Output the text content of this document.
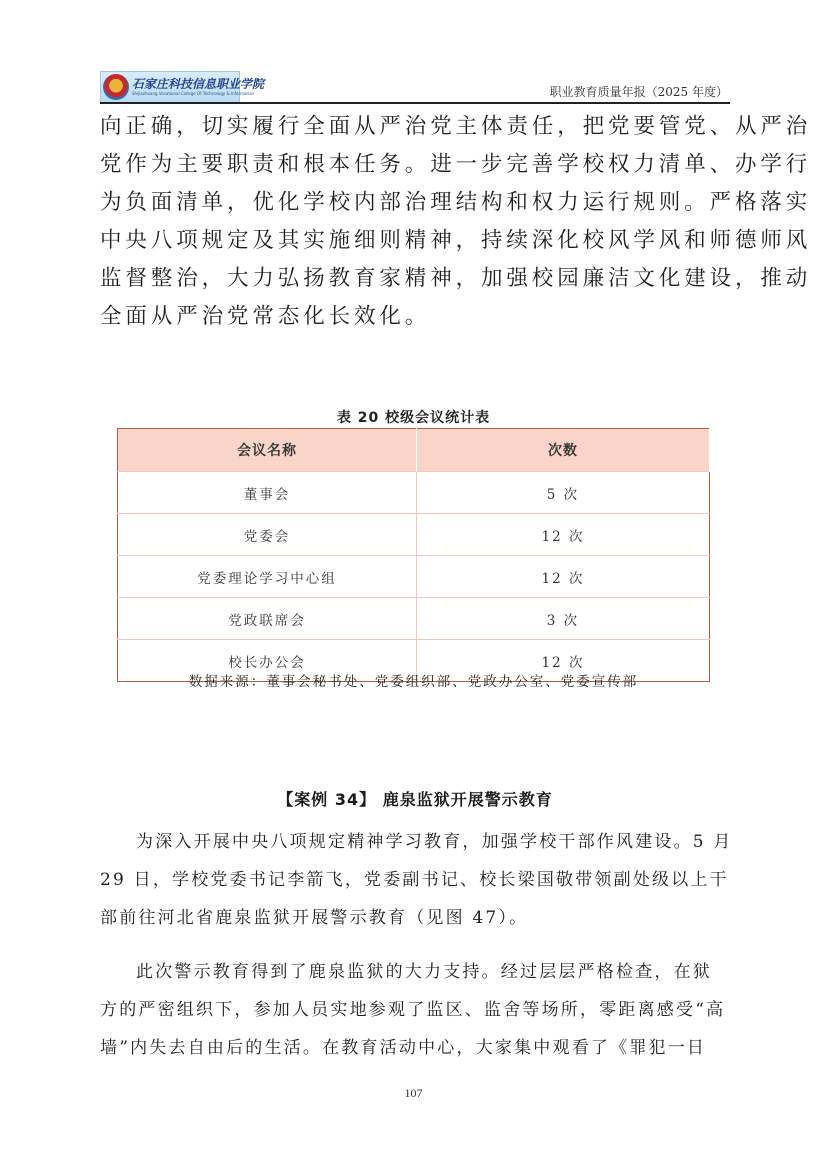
石家庄科技信息职业学院
Shijiazhuang Vocational College Of Technology & Information	职业教育质量年报（2025 年度）
向正确，切实履行全面从严治党主体责任，把党要管党、从严治
党作为主要职责和根本任务。进一步完善学校权力清单、办学行
为负面清单，优化学校内部治理结构和权力运行规则。严格落实
中央八项规定及其实施细则精神，持续深化校风学风和师德师风
监督整治，大力弘扬教育家精神，加强校园廉洁文化建设，推动
全面从严治党常态化长效化。
表 20 校级会议统计表
会议名称	次数
董事会	5 次
党委会	12 次
党委理论学习中心组	12 次
党政联席会	3 次
校长办公会	12 次
数据来源：董事会秘书处、党委组织部、党政办公室、党委宣传部
【案例 34】 鹿泉监狱开展警示教育
为深入开展中央八项规定精神学习教育，加强学校干部作风建设。5 月
29 日，学校党委书记李箭飞，党委副书记、校长梁国敬带领副处级以上干
部前往河北省鹿泉监狱开展警示教育（见图 47）。
此次警示教育得到了鹿泉监狱的大力支持。经过层层严格检查，在狱
方的严密组织下，参加人员实地参观了监区、监舍等场所，零距离感受“高
墙”内失去自由后的生活。在教育活动中心，大家集中观看了《罪犯一日
107
